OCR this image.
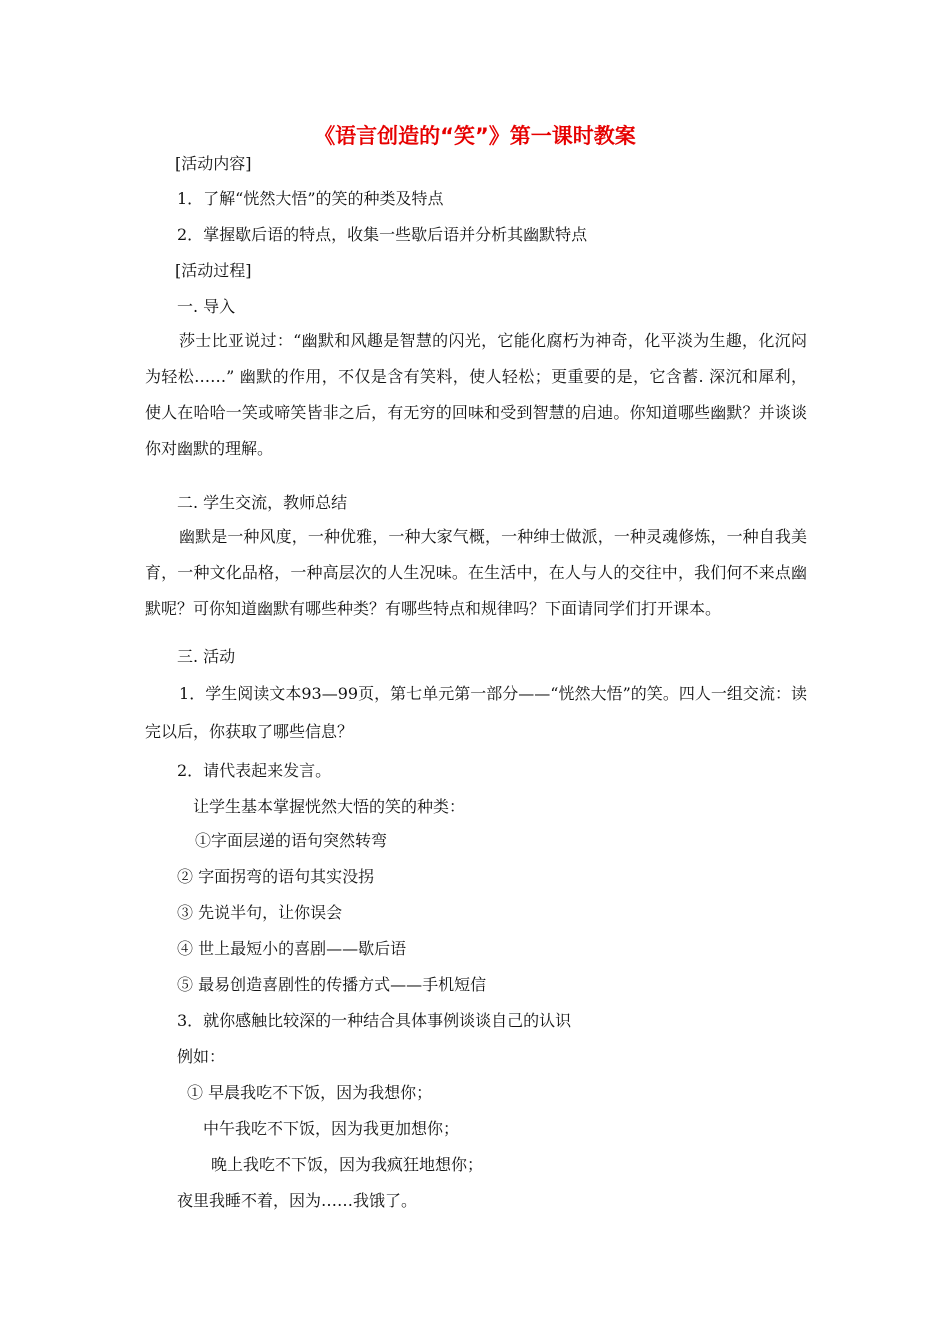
《语言创造的“笑”》第一课时教案
[活动内容]
1．了解“恍然大悟”的笑的种类及特点
2．掌握歇后语的特点，收集一些歇后语并分析其幽默特点
[活动过程]
一. 导入
莎士比亚说过：“幽默和风趣是智慧的闪光，它能化腐朽为神奇，化平淡为生趣，化沉闷为轻松……” 幽默的作用，不仅是含有笑料，使人轻松；更重要的是，它含蓄. 深沉和犀利，使人在哈哈一笑或啼笑皆非之后，有无穷的回味和受到智慧的启迪。你知道哪些幽默？并谈谈你对幽默的理解。
二. 学生交流，教师总结
幽默是一种风度，一种优雅，一种大家气概，一种绅士做派，一种灵魂修炼，一种自我美育，一种文化品格，一种高层次的人生况味。在生活中，在人与人的交往中，我们何不来点幽默呢？可你知道幽默有哪些种类？有哪些特点和规律吗？下面请同学们打开课本。
三. 活动
1．学生阅读文本93—99页，第七单元第一部分——“恍然大悟”的笑。四人一组交流：读完以后，你获取了哪些信息？
2．请代表起来发言。
让学生基本掌握恍然大悟的笑的种类：
①字面层递的语句突然转弯
② 字面拐弯的语句其实没拐
③ 先说半句，让你误会
④ 世上最短小的喜剧——歇后语
⑤ 最易创造喜剧性的传播方式——手机短信
3．就你感触比较深的一种结合具体事例谈谈自己的认识
例如：
① 早晨我吃不下饭，因为我想你；
中午我吃不下饭，因为我更加想你；
晚上我吃不下饭，因为我疯狂地想你；
夜里我睡不着，因为……我饿了。
